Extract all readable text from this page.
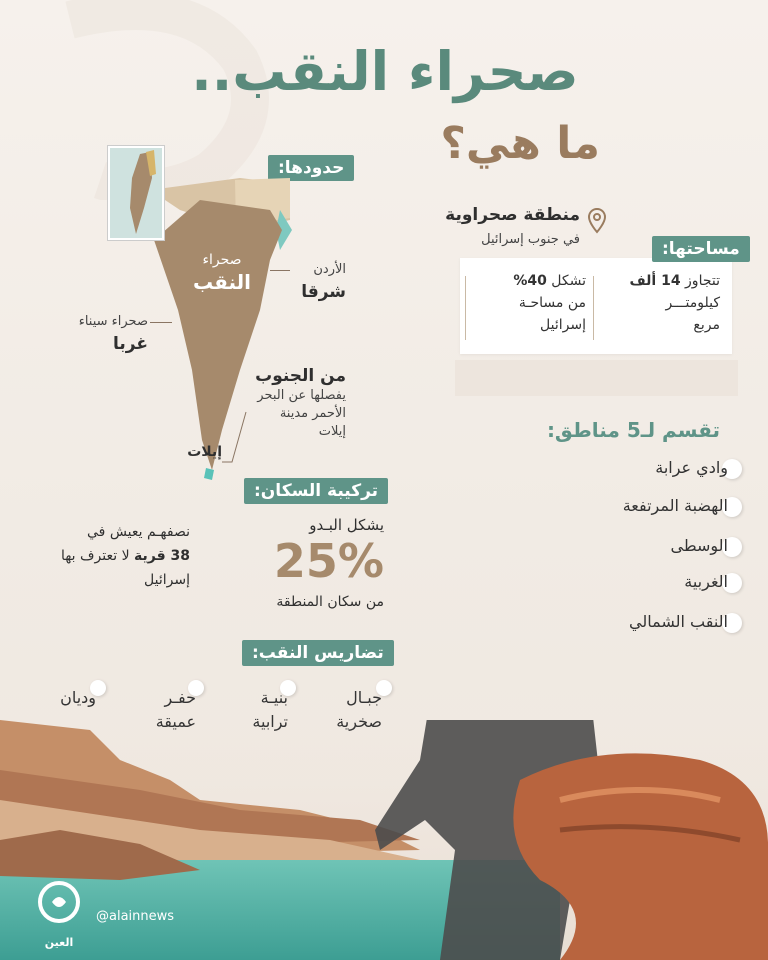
صحراء النقب..
ما هي؟
حدودها:
صحراء
النقب
الأردن
شرقا
صحراء سيناء
غربا
من الجنوب
يفصلها عن البحر
الأحمر مدينة
إيلات
إيلات
منطقة صحراوية
في جنوب إسرائيل
تتجاوز 14 ألف
كيلومتـــر
مربع
تشكل 40%
من مساحـة
إسرائيل
مساحتها:
تقسم لـ5 مناطق:
وادي عرابة
الهضبة المرتفعة
الوسطى
الغربية
النقب الشمالي
تركيبة السكان:
يشكل البـدو
25%
من سكان المنطقة
نصفهـم يعيش في
38 قرية لا تعترف بها
إسرائيل
تضاريس النقب:
جبـال
بنيـة
حفـر
وديان
العين
@alainnews
